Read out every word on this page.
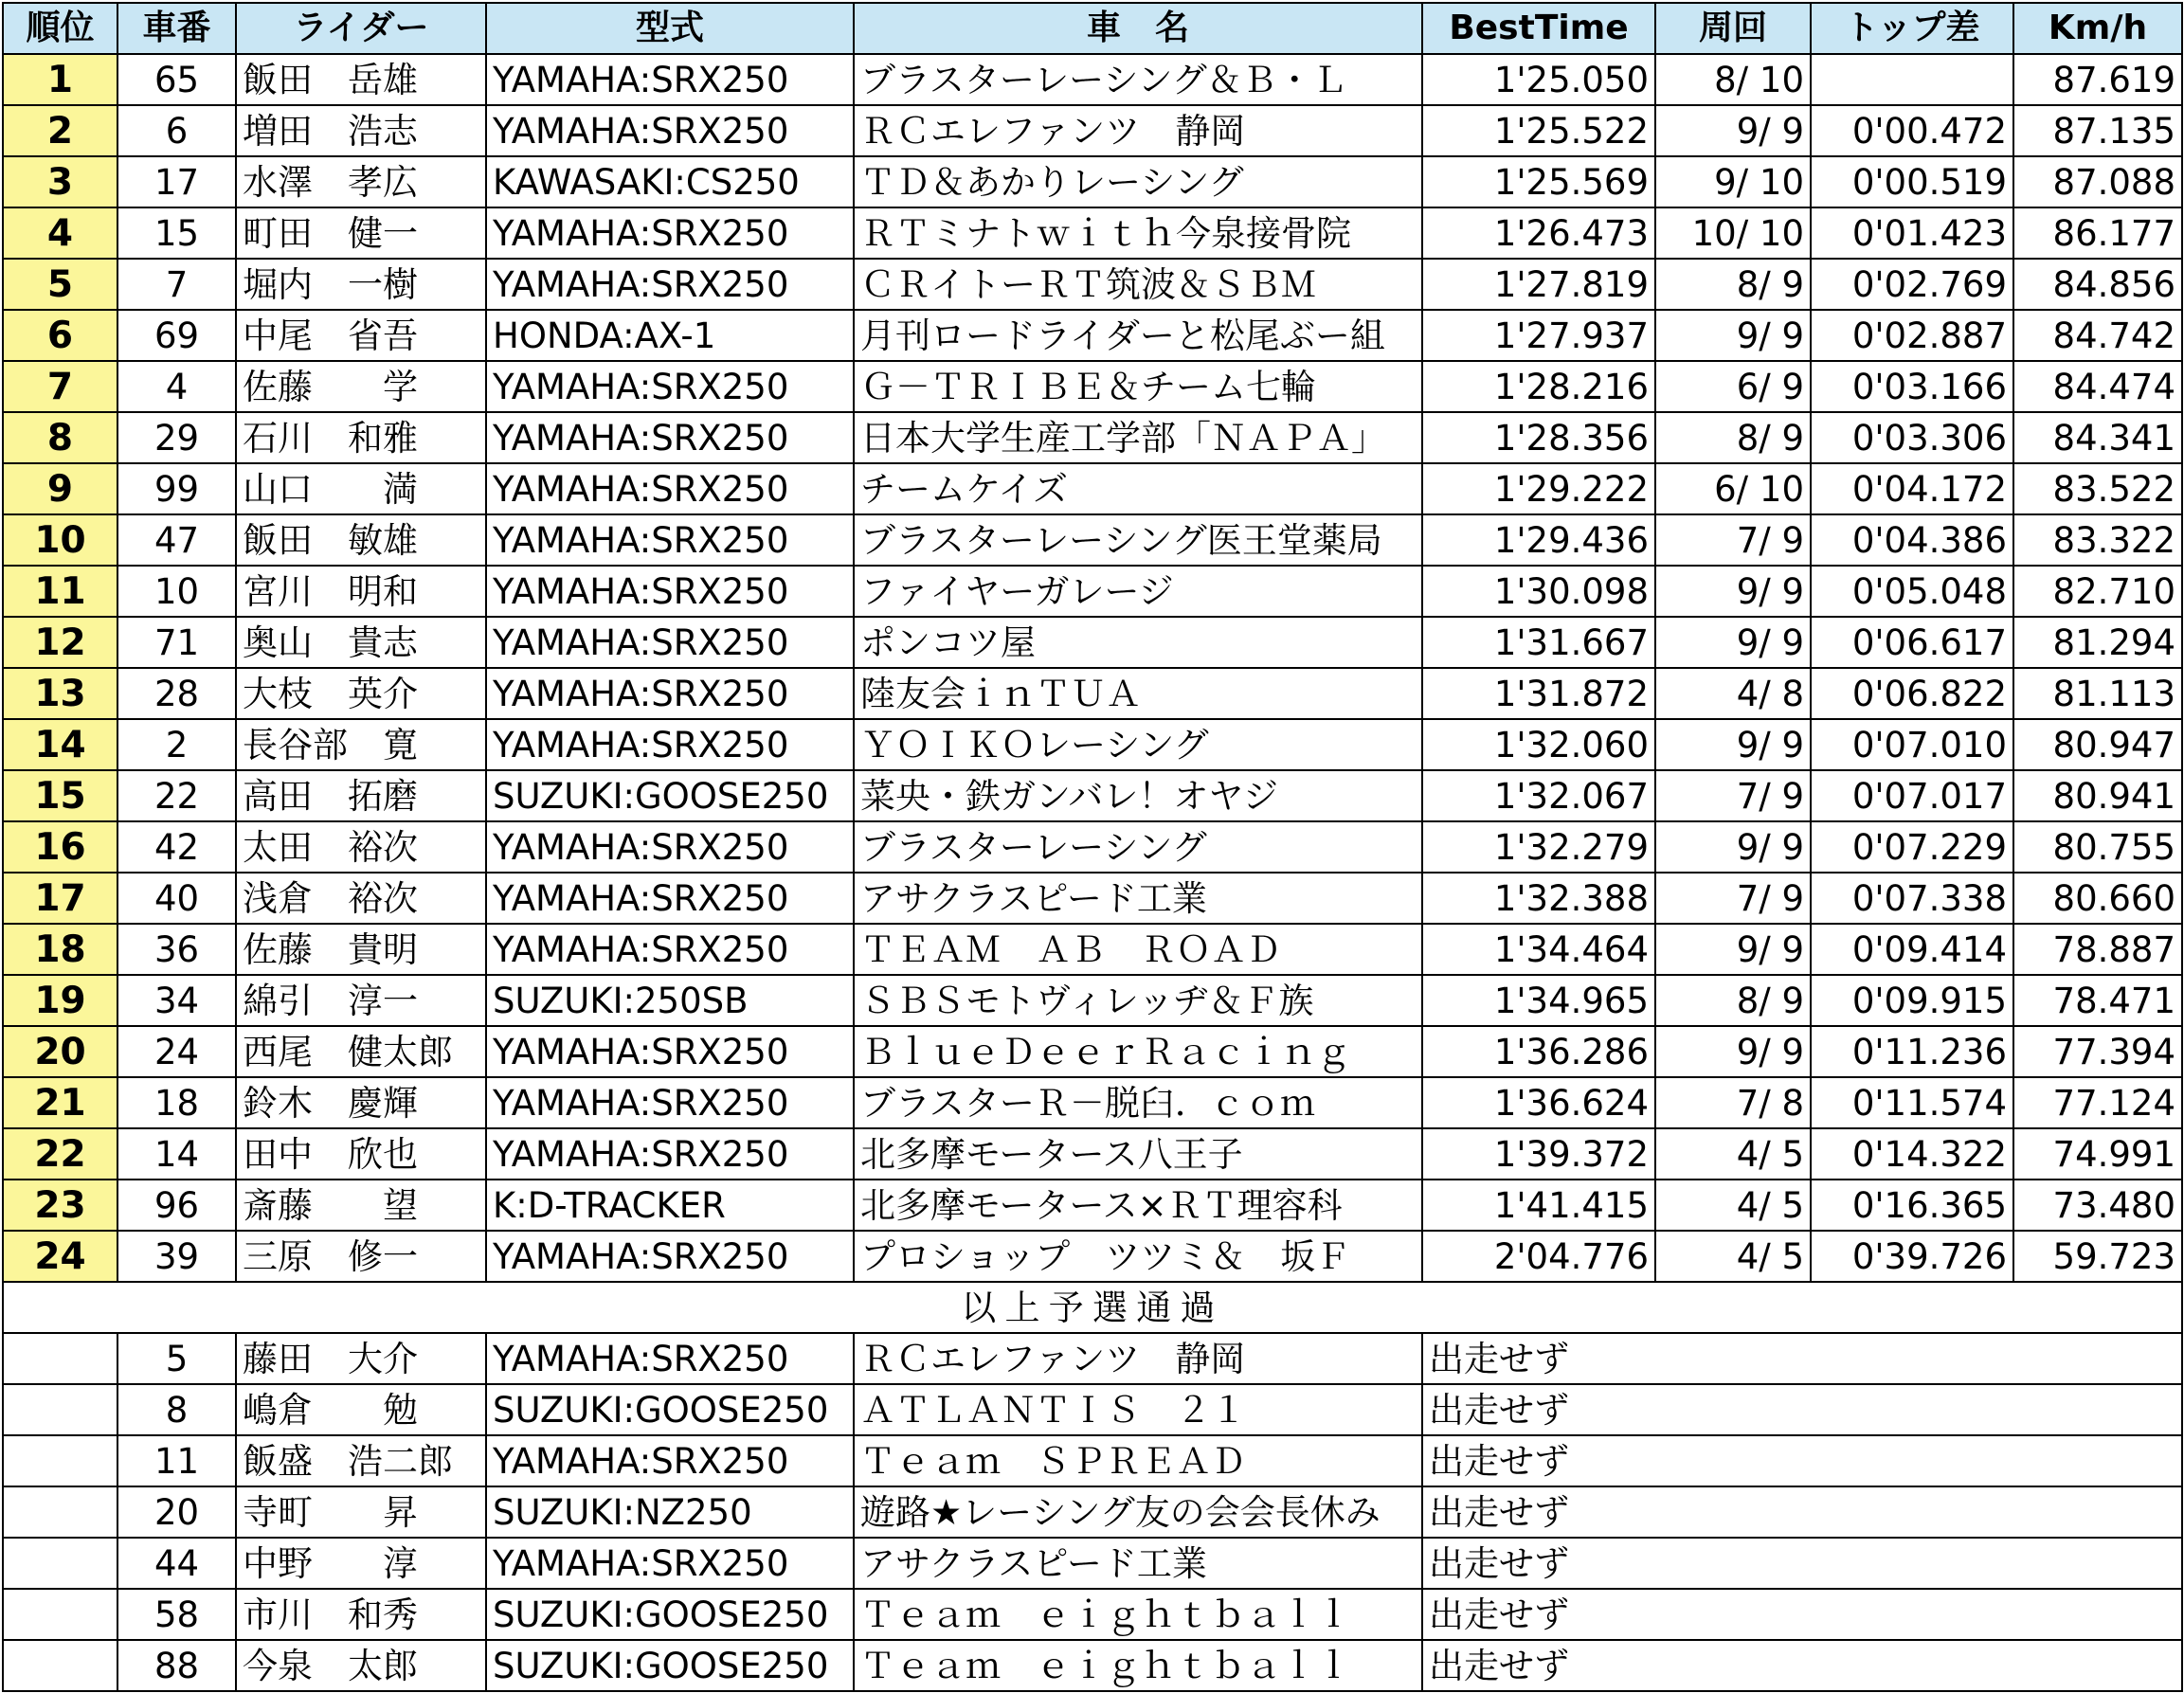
順位	車番	ライダー	型式	車　名	BestTime	周回	トップ差	Km/h
1	65	飯田　岳雄	YAMAHA:SRX250	ブラスターレーシング＆Ｂ・Ｌ	1'25.050	8/ 10		87.619
2	6	増田　浩志	YAMAHA:SRX250	ＲＣエレファンツ　静岡	1'25.522	9/ 9	0'00.472	87.135
3	17	水澤　孝広	KAWASAKI:CS250	ＴＤ＆あかりレーシング	1'25.569	9/ 10	0'00.519	87.088
4	15	町田　健一	YAMAHA:SRX250	ＲＴミナトｗｉｔｈ今泉接骨院	1'26.473	10/ 10	0'01.423	86.177
5	7	堀内　一樹	YAMAHA:SRX250	ＣＲイトーＲＴ筑波＆ＳＢＭ	1'27.819	8/ 9	0'02.769	84.856
6	69	中尾　省吾	HONDA:AX-1	月刊ロードライダーと松尾ぶー組	1'27.937	9/ 9	0'02.887	84.742
7	4	佐藤　　学	YAMAHA:SRX250	Ｇ－ＴＲＩＢＥ＆チーム七輪	1'28.216	6/ 9	0'03.166	84.474
8	29	石川　和雅	YAMAHA:SRX250	日本大学生産工学部「ＮＡＰＡ」	1'28.356	8/ 9	0'03.306	84.341
9	99	山口　　満	YAMAHA:SRX250	チームケイズ	1'29.222	6/ 10	0'04.172	83.522
10	47	飯田　敏雄	YAMAHA:SRX250	ブラスターレーシング医王堂薬局	1'29.436	7/ 9	0'04.386	83.322
11	10	宮川　明和	YAMAHA:SRX250	ファイヤーガレージ	1'30.098	9/ 9	0'05.048	82.710
12	71	奥山　貴志	YAMAHA:SRX250	ポンコツ屋	1'31.667	9/ 9	0'06.617	81.294
13	28	大枝　英介	YAMAHA:SRX250	陸友会ｉｎＴＵＡ	1'31.872	4/ 8	0'06.822	81.113
14	2	長谷部　寛	YAMAHA:SRX250	ＹＯＩＫＯレーシング	1'32.060	9/ 9	0'07.010	80.947
15	22	高田　拓磨	SUZUKI:GOOSE250	菜央・鉄ガンバレ！オヤジ	1'32.067	7/ 9	0'07.017	80.941
16	42	太田　裕次	YAMAHA:SRX250	ブラスターレーシング	1'32.279	9/ 9	0'07.229	80.755
17	40	浅倉　裕次	YAMAHA:SRX250	アサクラスピード工業	1'32.388	7/ 9	0'07.338	80.660
18	36	佐藤　貴明	YAMAHA:SRX250	ＴＥＡＭ　ＡＢ　ＲＯＡＤ	1'34.464	9/ 9	0'09.414	78.887
19	34	綿引　淳一	SUZUKI:250SB	ＳＢＳモトヴィレッヂ＆Ｆ族	1'34.965	8/ 9	0'09.915	78.471
20	24	西尾　健太郎	YAMAHA:SRX250	ＢｌｕｅＤｅｅｒＲａｃｉｎｇ	1'36.286	9/ 9	0'11.236	77.394
21	18	鈴木　慶輝	YAMAHA:SRX250	ブラスターＲ－脱臼．ｃｏｍ	1'36.624	7/ 8	0'11.574	77.124
22	14	田中　欣也	YAMAHA:SRX250	北多摩モータース八王子	1'39.372	4/ 5	0'14.322	74.991
23	96	斎藤　　望	K:D-TRACKER	北多摩モータース×ＲＴ理容科	1'41.415	4/ 5	0'16.365	73.480
24	39	三原　修一	YAMAHA:SRX250	プロショップ　ツツミ＆　坂Ｆ	2'04.776	4/ 5	0'39.726	59.723
以上予選通過								
	5	藤田　大介	YAMAHA:SRX250	ＲＣエレファンツ　静岡	出走せず			
	8	嶋倉　　勉	SUZUKI:GOOSE250	ＡＴＬＡＮＴＩＳ　２１	出走せず			
	11	飯盛　浩二郎	YAMAHA:SRX250	Ｔｅａｍ　ＳＰＲＥＡＤ	出走せず			
	20	寺町　　昇	SUZUKI:NZ250	遊路★レーシング友の会会長休み	出走せず			
	44	中野　　淳	YAMAHA:SRX250	アサクラスピード工業	出走せず			
	58	市川　和秀	SUZUKI:GOOSE250	Ｔｅａｍ　ｅｉｇｈｔｂａｌｌ	出走せず			
	88	今泉　太郎	SUZUKI:GOOSE250	Ｔｅａｍ　ｅｉｇｈｔｂａｌｌ	出走せず			
